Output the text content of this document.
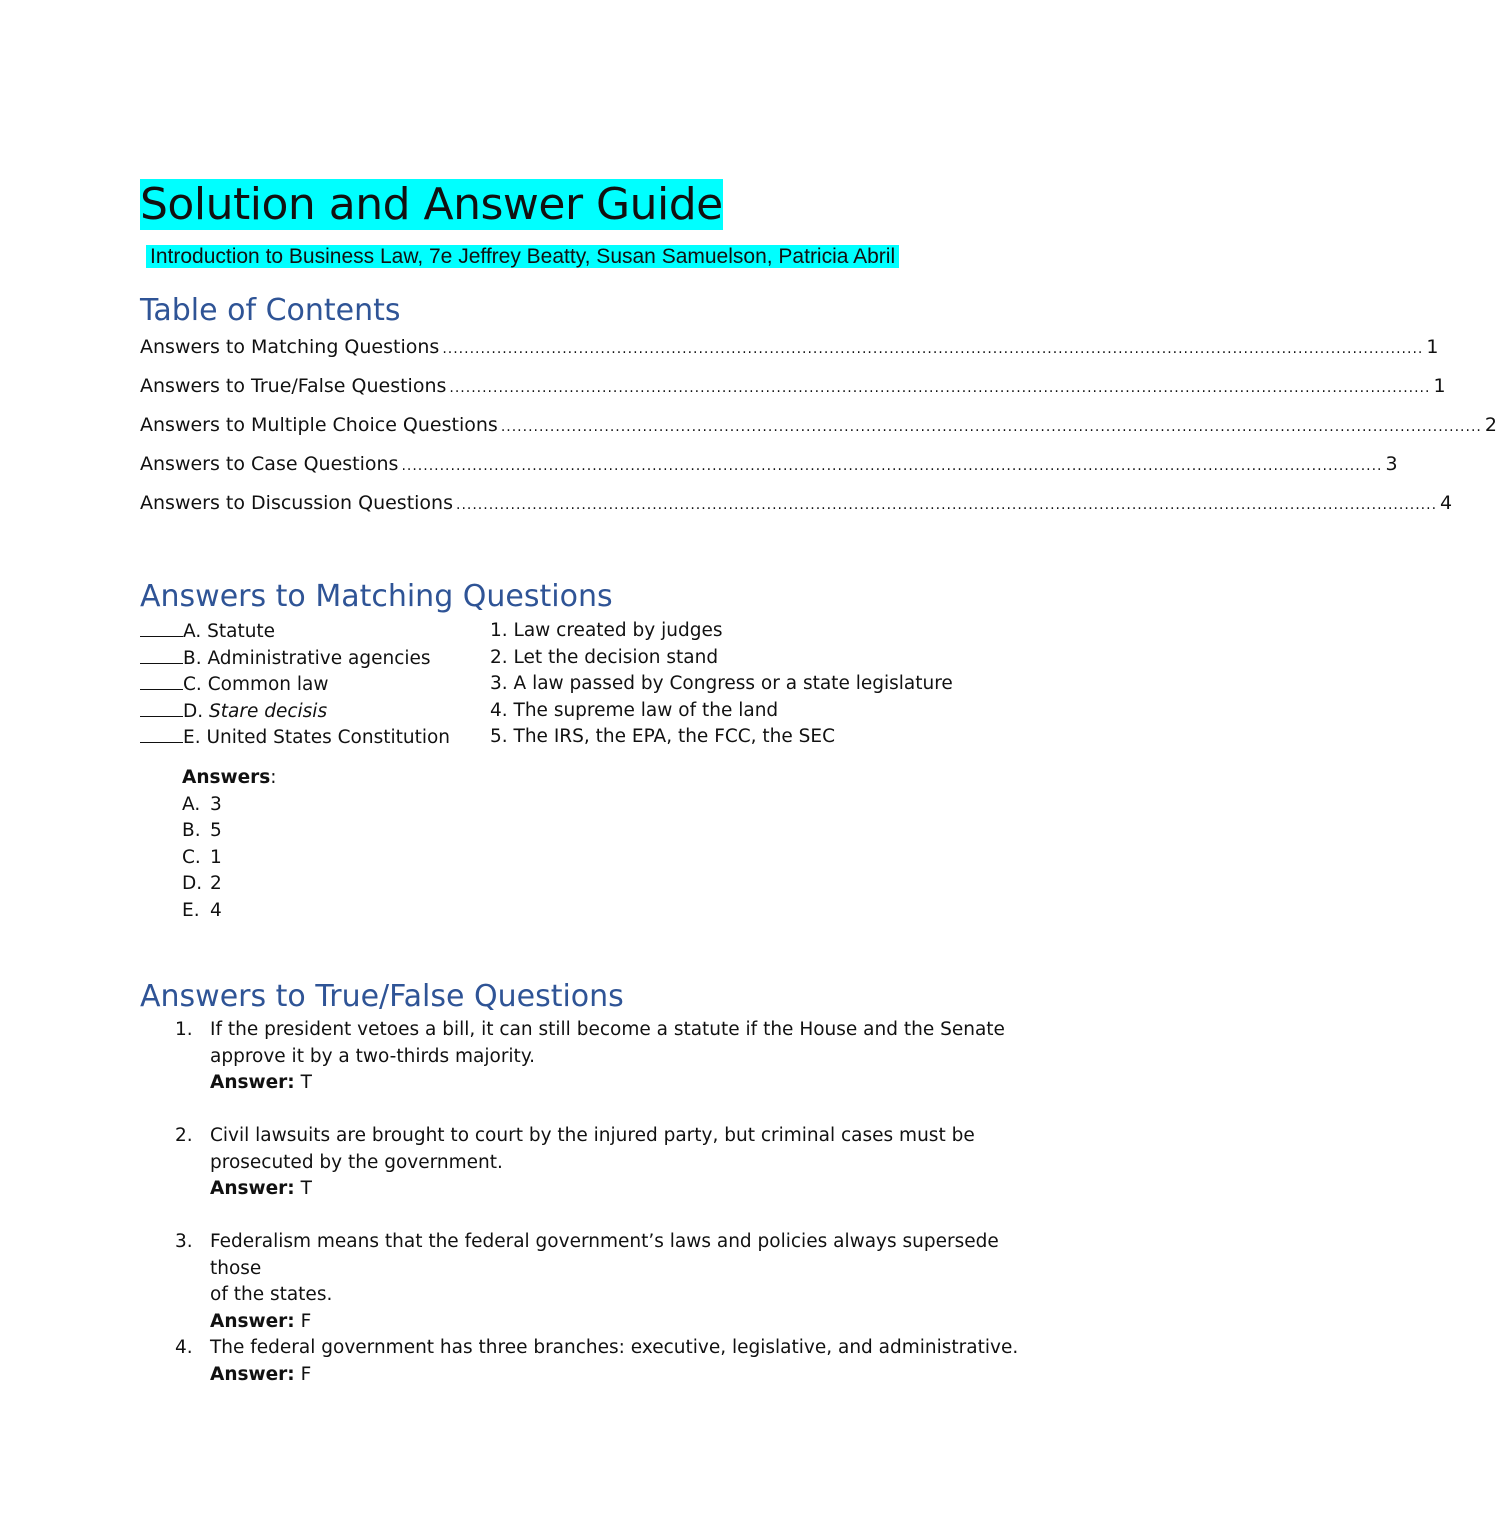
Solution and Answer Guide

Introduction to Business Law, 7e Jeffrey Beatty, Susan Samuelson, Patricia Abril

Table of Contents
Answers to Matching Questions .................................................................................................................................................................................... 1
Answers to True/False Questions .................................................................................................................................................................................... 1
Answers to Multiple Choice Questions .................................................................................................................................................................................... 2
Answers to Case Questions .................................................................................................................................................................................... 3
Answers to Discussion Questions .................................................................................................................................................................................... 4
Answers to Matching Questions
A. Statute	1. Law created by judges
B. Administrative agencies	2. Let the decision stand
C. Common law	3. A law passed by Congress or a state legislature
D. Stare decisis	4. The supreme law of the land
E. United States Constitution	5. The IRS, the EPA, the FCC, the SEC
Answers:
A. 3
B. 5
C. 1
D. 2
E. 4
Answers to True/False Questions
1. If the president vetoes a bill, it can still become a statute if the House and the Senate
approve it by a two-thirds majority.
Answer: T
2. Civil lawsuits are brought to court by the injured party, but criminal cases must be
prosecuted by the government.
Answer: T
3. Federalism means that the federal government’s laws and policies always supersede those
of the states.
Answer: F
4. The federal government has three branches: executive, legislative, and administrative.
Answer: F
